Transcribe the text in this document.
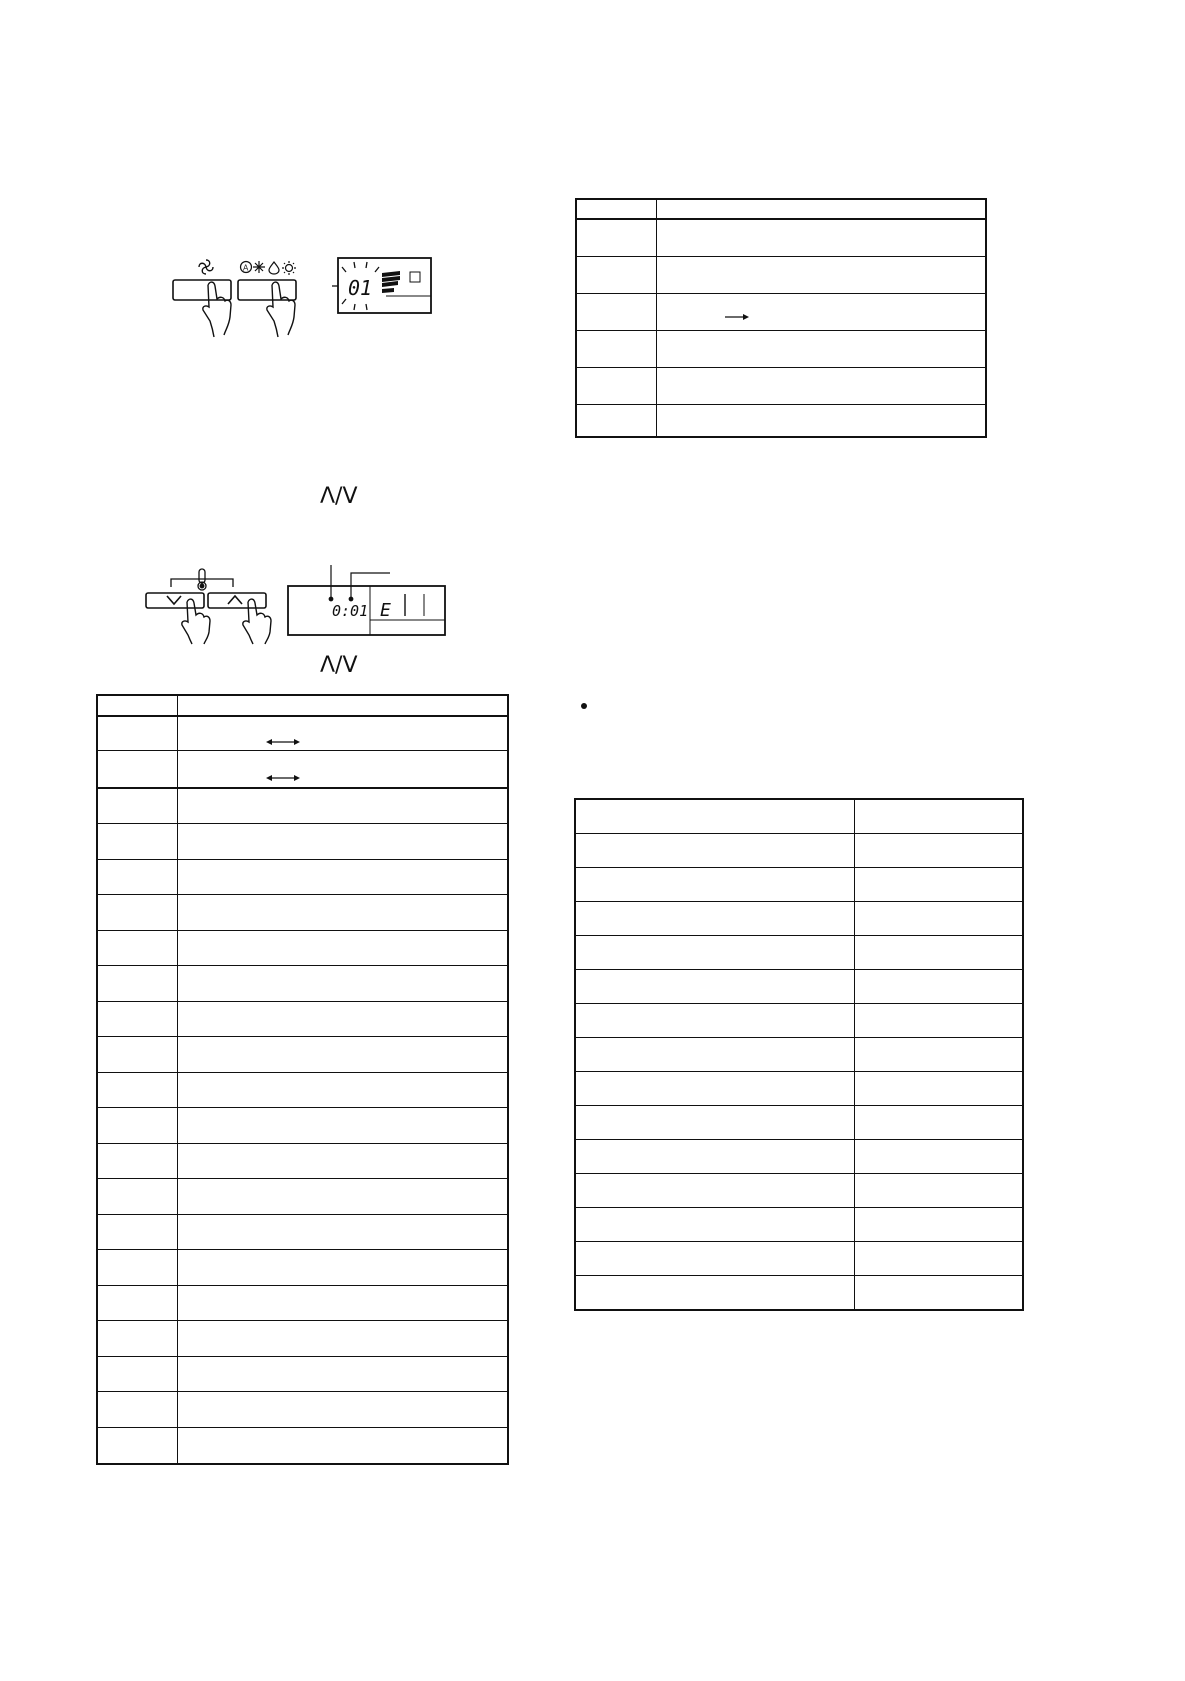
A
01
Λ/V
0:01 E
Λ/V
